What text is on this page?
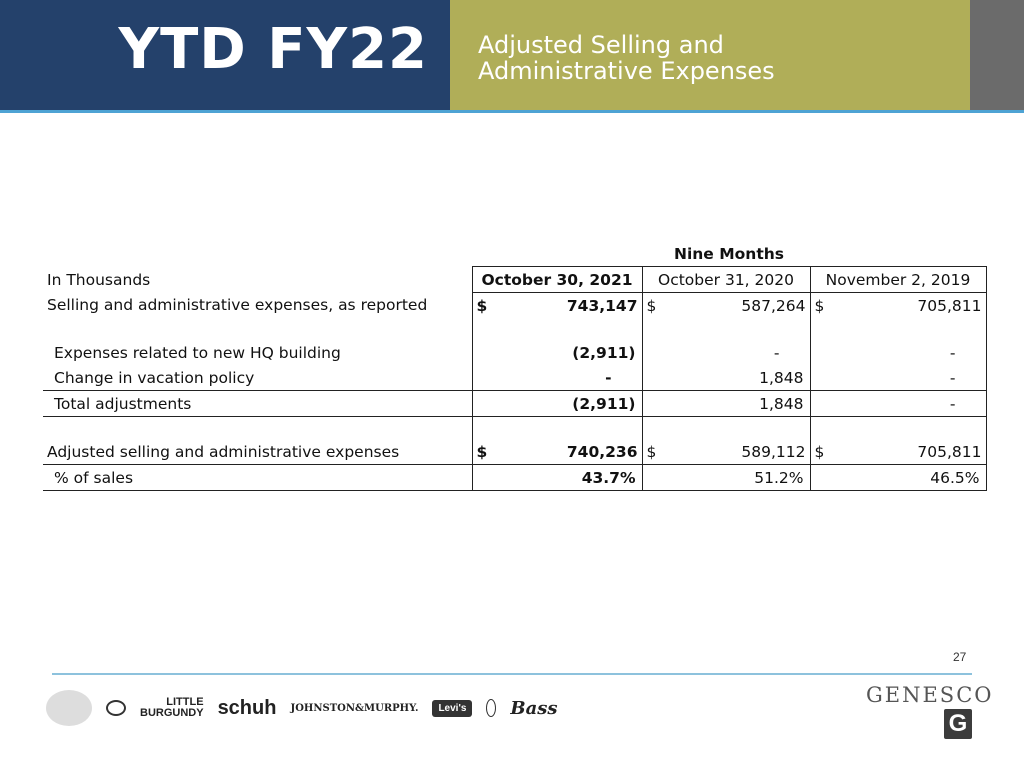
YTD FY22 Adjusted Selling and
Administrative Expenses
	Nine Months		
In Thousands	October 30, 2021	October 31, 2020	November 2, 2019
Selling and administrative expenses, as reported	$ 743,147	$ 587,264	$ 705,811

Expenses related to new HQ building	(2,911)	-	-
Change in vacation policy	-	1,848	-
Total adjustments	(2,911)	1,848	-

Adjusted selling and administrative expenses	$ 740,236	$ 589,112	$ 705,811

% of sales	43.7%	51.2%	46.5%
27
LITTLE
BURGUNDY schuh JOHNSTON&MURPHY.	Levi's	Bass
GENESCO
G
